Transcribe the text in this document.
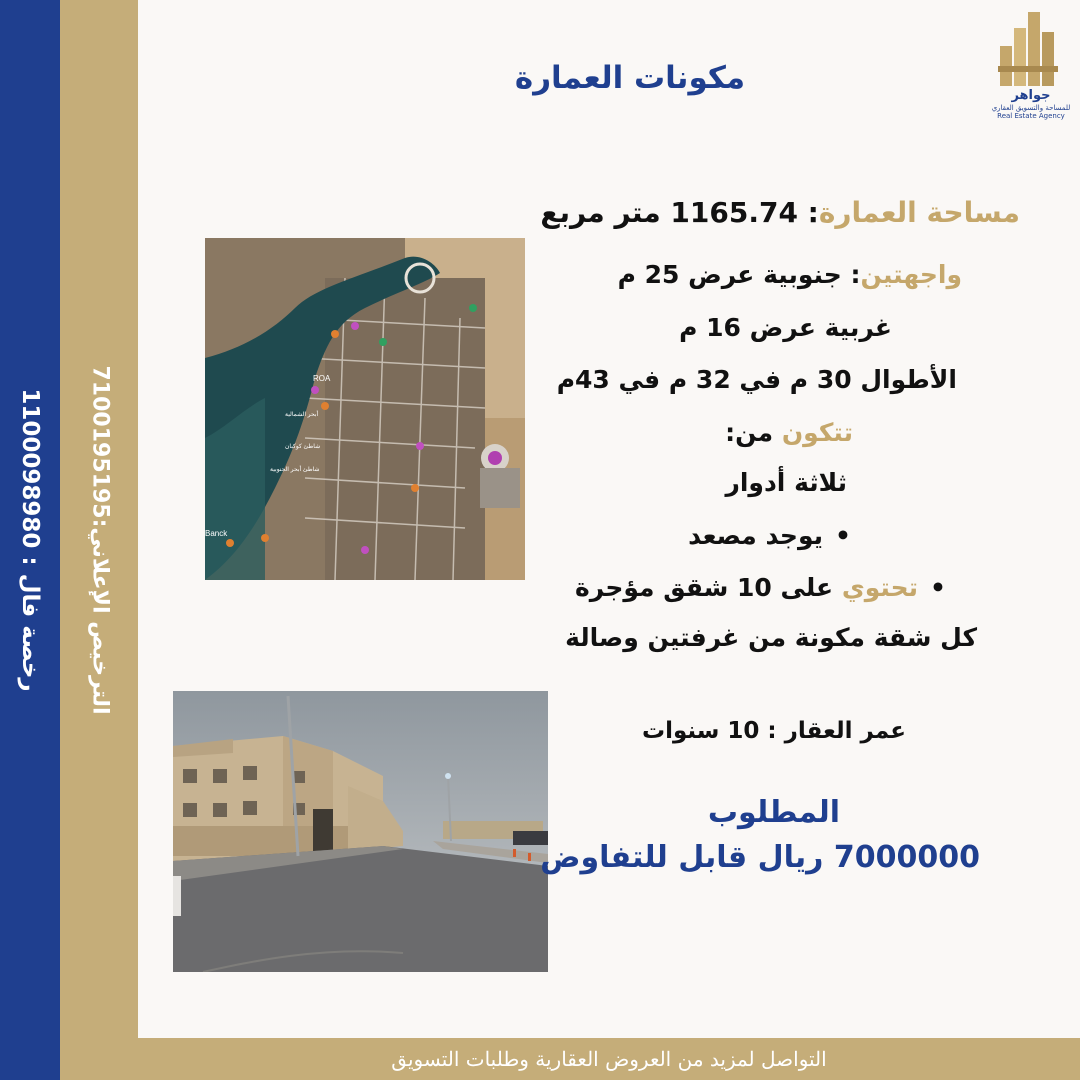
رخصة فال : 1100098980
الترخيص الإعلاني:7100195195
جواهر
للمساحة والتسويق العقاري
Real Estate Agency
مكونات العمارة
ROA
شاطئ كوكبان
شاطئ أبحر الجنوبية
Banck
أبحر الشمالية
مساحة العمارة: 1165.74 متر مربع
واجهتين: جنوبية عرض 25 م
غربية عرض 16 م
الأطوال 30 م في 32 م في 43م
تتكون من:
ثلاثة أدوار
•يوجد مصعد
•تحتوي على 10 شقق مؤجرة
كل شقة مكونة من غرفتين وصالة
عمر العقار : 10 سنوات
المطلوب
7000000 ريال قابل للتفاوض
التواصل لمزيد من العروض العقارية وطلبات التسويق
